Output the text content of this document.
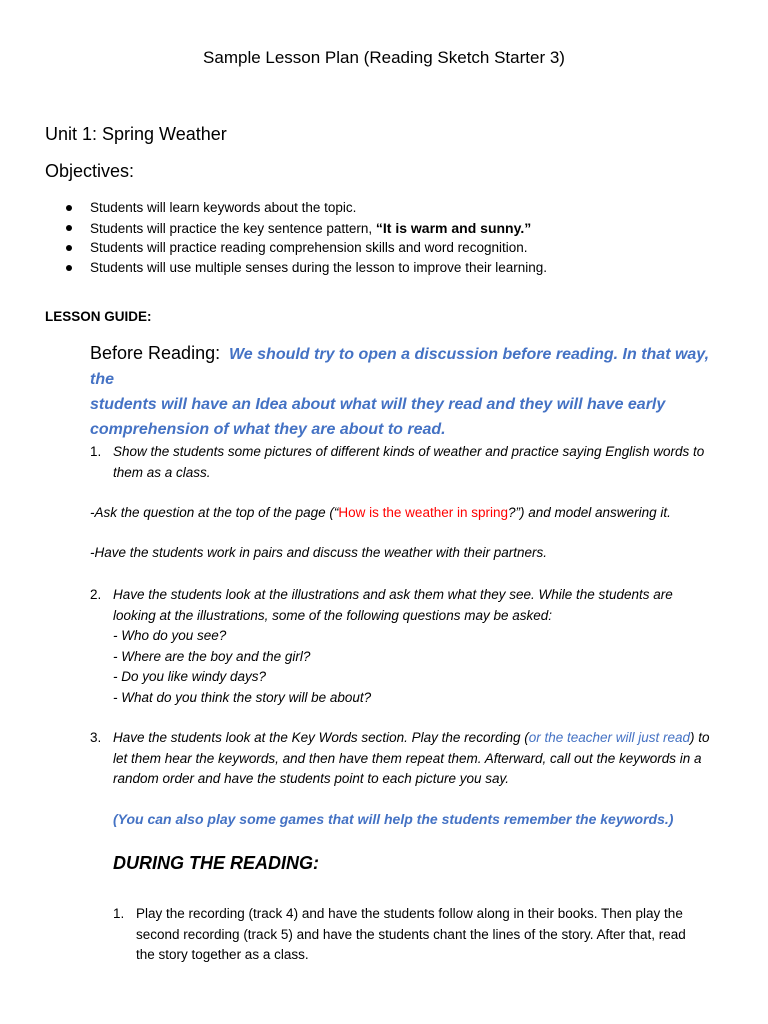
Sample Lesson Plan (Reading Sketch Starter 3)
Unit 1: Spring Weather
Objectives:
Students will learn keywords about the topic.
Students will practice the key sentence pattern, “It is warm and sunny.”
Students will practice reading comprehension skills and word recognition.
Students will use multiple senses during the lesson to improve their learning.
LESSON GUIDE:
Before Reading: We should try to open a discussion before reading. In that way, the
students will have an Idea about what will they read and they will have early
comprehension of what they are about to read.
1. Show the students some pictures of different kinds of weather and practice saying English words to
them as a class.
-Ask the question at the top of the page (“How is the weather in spring?”) and model answering it.
-Have the students work in pairs and discuss the weather with their partners.
2. Have the students look at the illustrations and ask them what they see. While the students are
looking at the illustrations, some of the following questions may be asked:
- Who do you see?
- Where are the boy and the girl?
- Do you like windy days?
- What do you think the story will be about?
3. Have the students look at the Key Words section. Play the recording (or the teacher will just read) to
let them hear the keywords, and then have them repeat them. Afterward, call out the keywords in a
random order and have the students point to each picture you say.
(You can also play some games that will help the students remember the keywords.)
DURING THE READING:
1. Play the recording (track 4) and have the students follow along in their books. Then play the
second recording (track 5) and have the students chant the lines of the story. After that, read
the story together as a class.
